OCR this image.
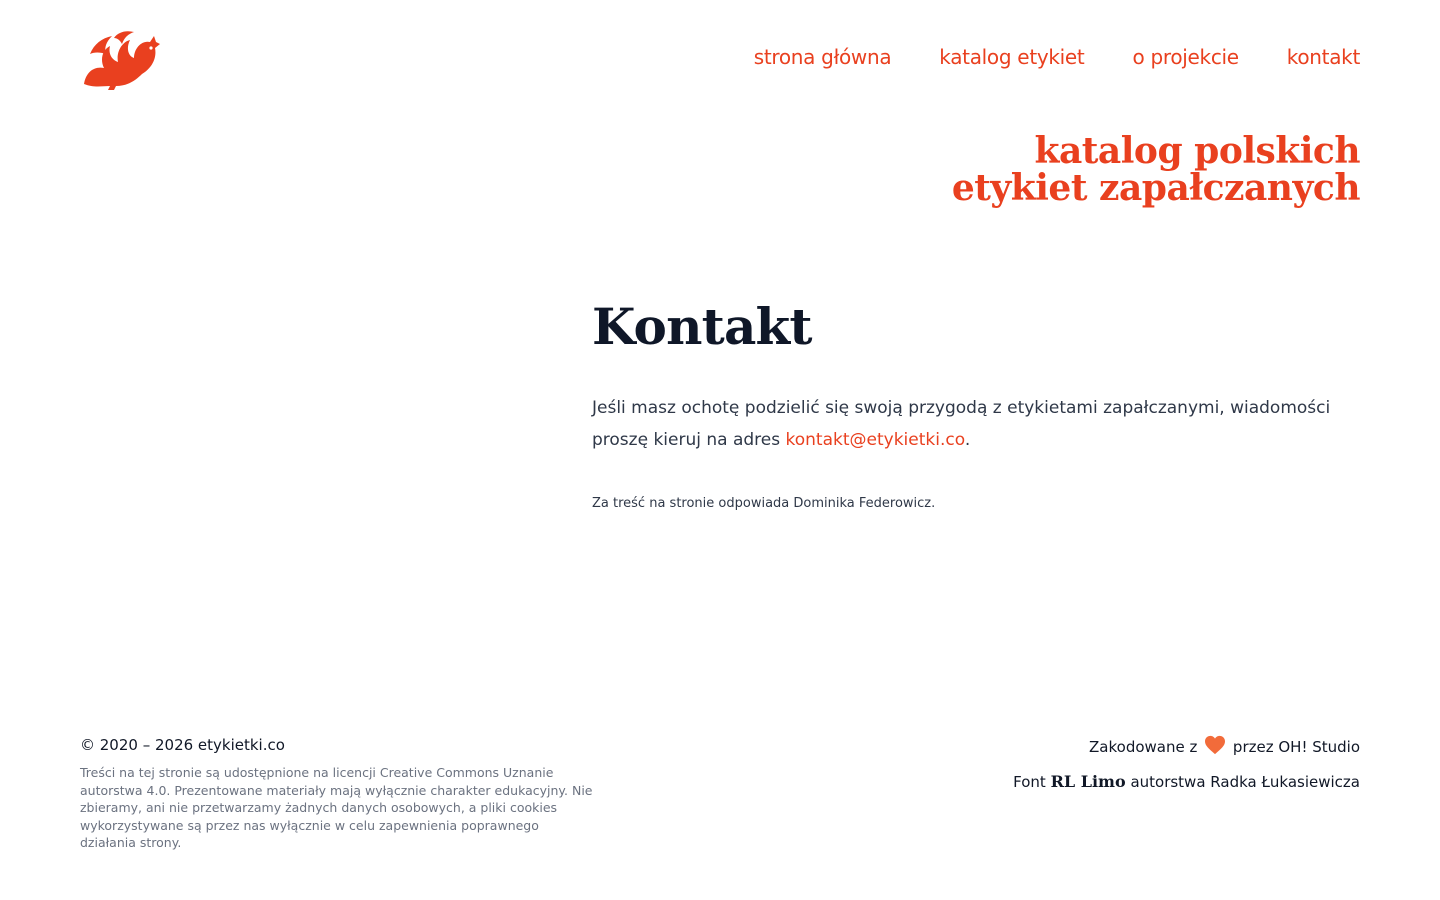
strona główna katalog etykiet o projekcie kontakt
katalog polskich
etykiet zapałczanych
Kontakt

Jeśli masz ochotę podzielić się swoją przygodą z etykietami zapałczanymi, wiadomości proszę kieruj na adres kontakt@etykietki.co.

Za treść na stronie odpowiada Dominika Federowicz.

© 2020 – 2026 etykietki.co

Treści na tej stronie są udostępnione na licencji Creative Commons Uznanie autorstwa 4.0. Prezentowane materiały mają wyłącznie charakter edukacyjny. Nie zbieramy, ani nie przetwarzamy żadnych danych osobowych, a pliki cookies wykorzystywane są przez nas wyłącznie w celu zapewnienia poprawnego działania strony.

Zakodowane z przez OH! Studio
Font RL Limo autorstwa Radka Łukasiewicza
